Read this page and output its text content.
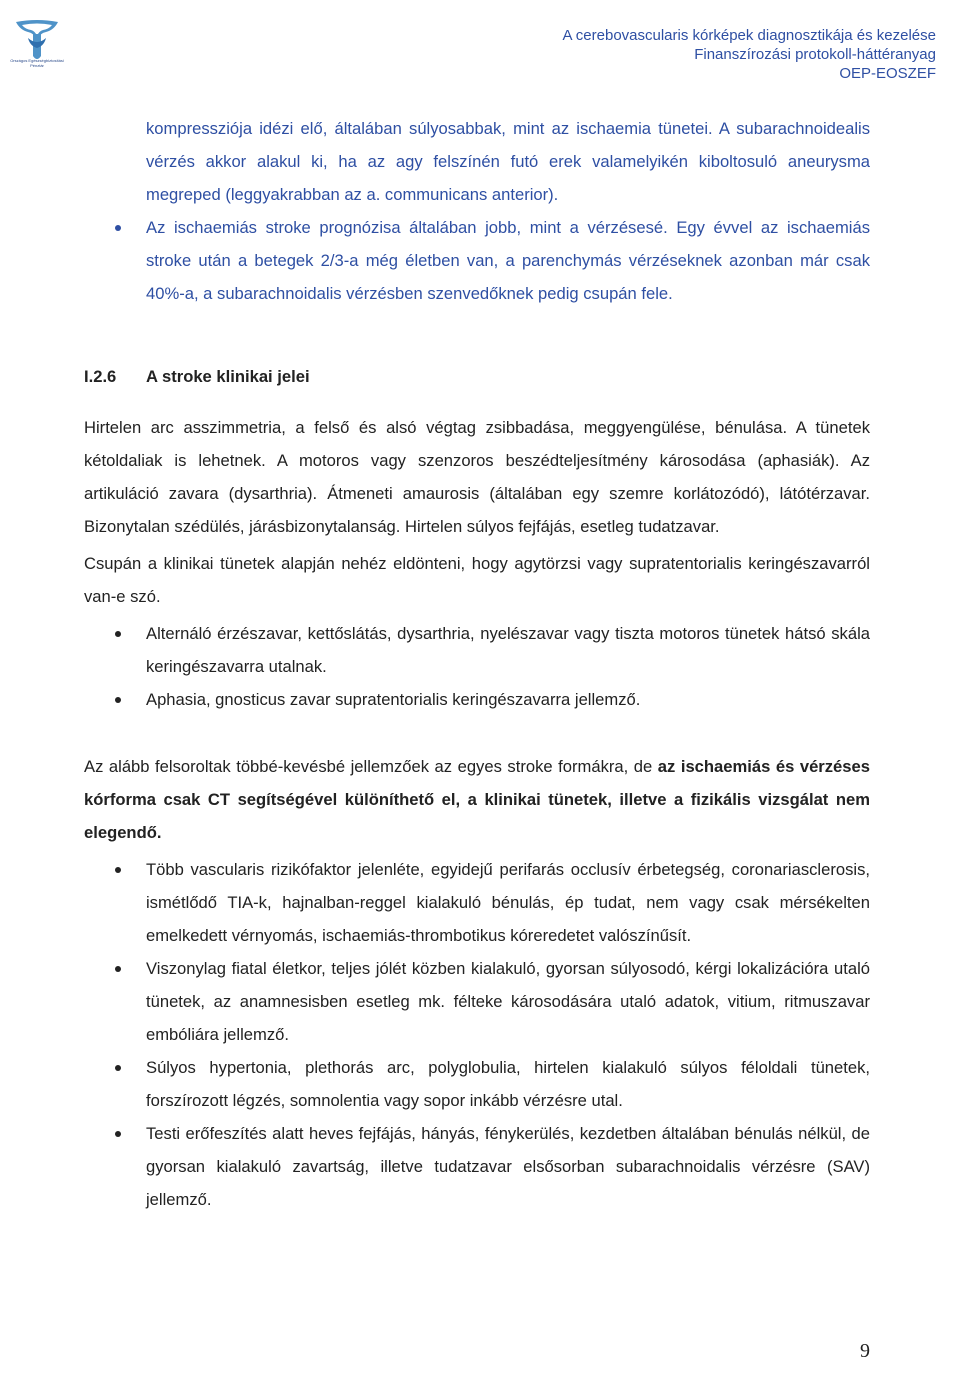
Országos Egészségbiztosítási Pénztár
A cerebovascularis kórképek diagnosztikája és kezelése
Finanszírozási protokoll-háttéranyag
OEP-EOSZEF

kompressziója idézi elő, általában súlyosabbak, mint az ischaemia tünetei. A subarachnoidealis vérzés akkor alakul ki, ha az agy felszínén futó erek valamelyikén kiboltosuló aneurysma megreped (leggyakrabban az a. communicans anterior).

Az ischaemiás stroke prognózisa általában jobb, mint a vérzésesé. Egy évvel az ischaemiás stroke után a betegek 2/3-a még életben van, a parenchymás vérzéseknek azonban már csak 40%-a, a subarachnoidalis vérzésben szenvedőknek pedig csupán fele.
I.2.6	A stroke klinikai jelei

Hirtelen arc asszimmetria, a felső és alsó végtag zsibbadása, meggyengülése, bénulása. A tünetek kétoldaliak is lehetnek. A motoros vagy szenzoros beszédteljesítmény károsodása (aphasiák). Az artikuláció zavara (dysarthria). Átmeneti amaurosis (általában egy szemre korlátozódó), látótérzavar. Bizonytalan szédülés, járásbizonytalanság. Hirtelen súlyos fejfájás, esetleg tudatzavar.

Csupán a klinikai tünetek alapján nehéz eldönteni, hogy agytörzsi vagy supratentorialis keringészavarról van-e szó.

Alternáló érzészavar, kettőslátás, dysarthria, nyelészavar vagy tiszta motoros tünetek hátsó skála keringészavarra utalnak.
Aphasia, gnosticus zavar supratentorialis keringészavarra jellemző.

Az alább felsoroltak többé-kevésbé jellemzőek az egyes stroke formákra, de az ischaemiás és vérzéses kórforma csak CT segítségével különíthető el, a klinikai tünetek, illetve a fizikális vizsgálat nem elegendő.

Több vascularis rizikófaktor jelenléte, egyidejű perifarás occlusív érbetegség, coronariasclerosis, ismétlődő TIA-k, hajnalban-reggel kialakuló bénulás, ép tudat, nem vagy csak mérsékelten emelkedett vérnyomás, ischaemiás-thrombotikus kóreredetet valószínűsít.
Viszonylag fiatal életkor, teljes jólét közben kialakuló, gyorsan súlyosodó, kérgi lokalizációra utaló tünetek, az anamnesisben esetleg mk. félteke károsodására utaló adatok, vitium, ritmuszavar embóliára jellemző.
Súlyos hypertonia, plethorás arc, polyglobulia, hirtelen kialakuló súlyos féloldali tünetek, forszírozott légzés, somnolentia vagy sopor inkább vérzésre utal.
Testi erőfeszítés alatt heves fejfájás, hányás, fénykerülés, kezdetben általában bénulás nélkül, de gyorsan kialakuló zavartság, illetve tudatzavar elsősorban subarachnoidalis vérzésre (SAV) jellemző.
9
